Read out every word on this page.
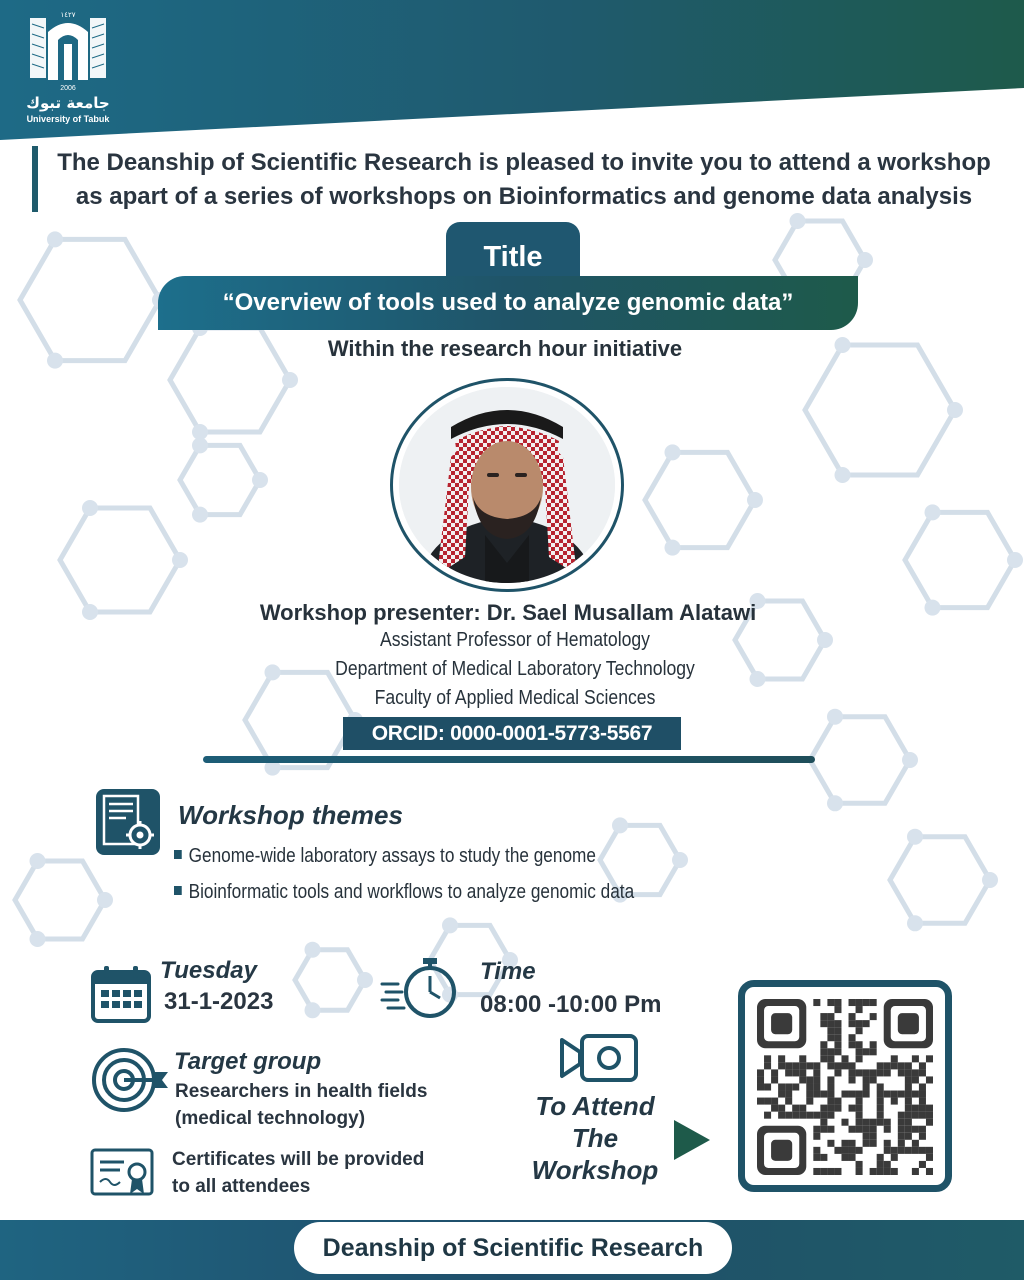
١٤٢٧
2006
جامعة تبوك
University of Tabuk
The Deanship of Scientific Research is pleased to invite you to attend a workshop
as apart of a series of workshops on Bioinformatics and genome data analysis
Title
“Overview of tools used to analyze genomic data”
Within the research hour initiative
Workshop presenter: Dr. Sael Musallam Alatawi
Assistant Professor of Hematology
Department of Medical Laboratory Technology
Faculty of Applied Medical Sciences
ORCID: 0000-0001-5773-5567
Workshop themes
Genome-wide laboratory assays to study the genome
Bioinformatic tools and workflows to analyze genomic data
Tuesday
31-1-2023
Time
08:00 -10:00 Pm
Target group
Researchers in health fields
(medical technology)
Certificates will be provided
to all attendees
To Attend
The
Workshop
Deanship of Scientific Research
